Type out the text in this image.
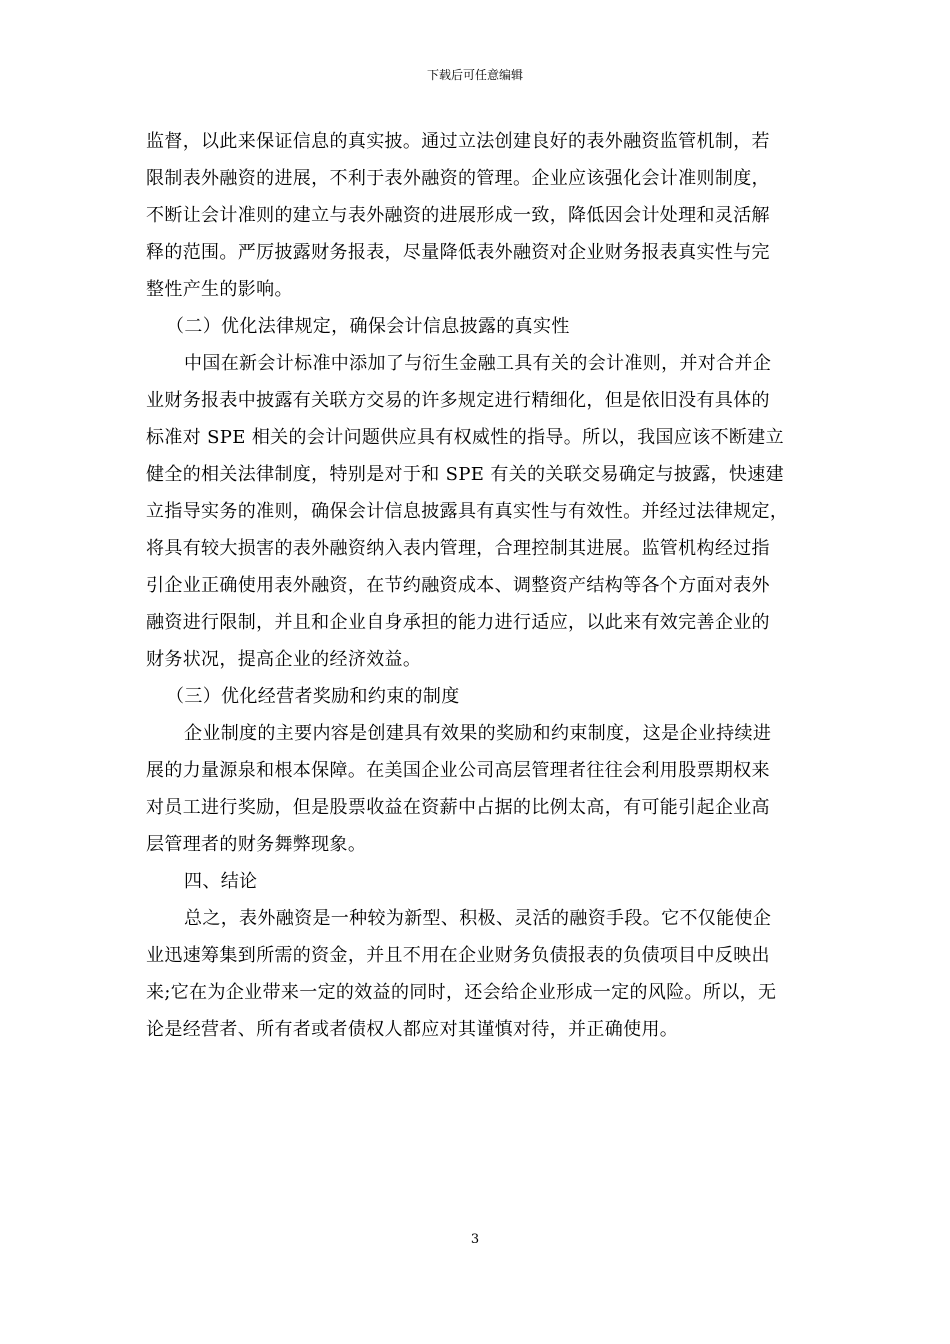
下载后可任意编辑
监督，以此来保证信息的真实披。通过立法创建良好的表外融资监管机制，若
限制表外融资的进展，不利于表外融资的管理。企业应该强化会计准则制度，
不断让会计准则的建立与表外融资的进展形成一致，降低因会计处理和灵活解
释的范围。严厉披露财务报表，尽量降低表外融资对企业财务报表真实性与完
整性产生的影响。
（二）优化法律规定，确保会计信息披露的真实性
中国在新会计标准中添加了与衍生金融工具有关的会计准则，并对合并企
业财务报表中披露有关联方交易的许多规定进行精细化，但是依旧没有具体的
标准对 SPE 相关的会计问题供应具有权威性的指导。所以，我国应该不断建立
健全的相关法律制度，特别是对于和 SPE 有关的关联交易确定与披露，快速建
立指导实务的准则，确保会计信息披露具有真实性与有效性。并经过法律规定，
将具有较大损害的表外融资纳入表内管理，合理控制其进展。监管机构经过指
引企业正确使用表外融资，在节约融资成本、调整资产结构等各个方面对表外
融资进行限制，并且和企业自身承担的能力进行适应，以此来有效完善企业的
财务状况，提高企业的经济效益。
（三）优化经营者奖励和约束的制度
企业制度的主要内容是创建具有效果的奖励和约束制度，这是企业持续进
展的力量源泉和根本保障。在美国企业公司高层管理者往往会利用股票期权来
对员工进行奖励，但是股票收益在资薪中占据的比例太高，有可能引起企业高
层管理者的财务舞弊现象。
四、结论
总之，表外融资是一种较为新型、积极、灵活的融资手段。它不仅能使企
业迅速筹集到所需的资金，并且不用在企业财务负债报表的负债项目中反映出
来;它在为企业带来一定的效益的同时，还会给企业形成一定的风险。所以，无
论是经营者、所有者或者债权人都应对其谨慎对待，并正确使用。
3
